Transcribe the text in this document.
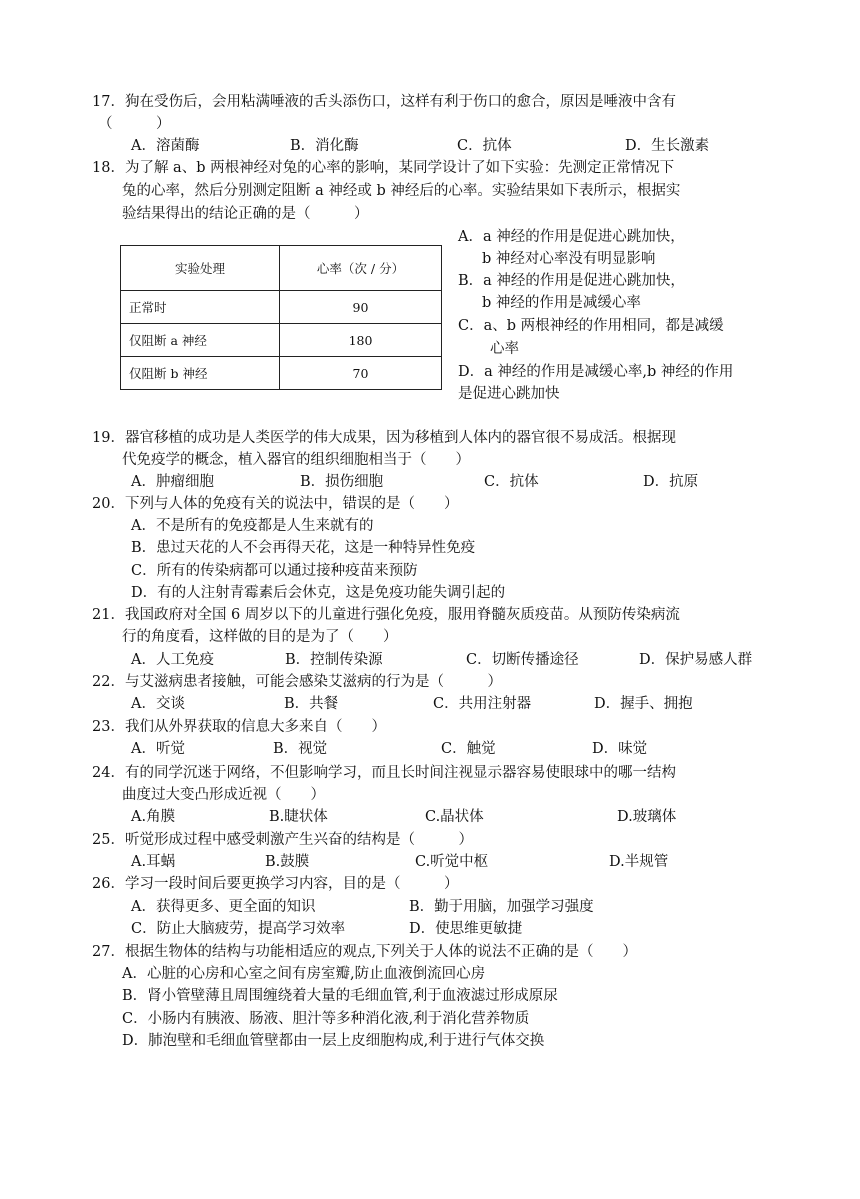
17．狗在受伤后，会用粘满唾液的舌头添伤口，这样有利于伤口的愈合，原因是唾液中含有
（　　　）
A．溶菌酶	B．消化酶	C．抗体	D．生长激素
18．为了解 a、b 两根神经对兔的心率的影响，某同学设计了如下实验：先测定正常情况下
兔的心率，然后分别测定阻断 a 神经或 b 神经后的心率。实验结果如下表所示，根据实
验结果得出的结论正确的是（　　　）
实验处理	心率（次 / 分）
正常时	90
仅阻断 a 神经	180
仅阻断 b 神经	70
A．a 神经的作用是促进心跳加快，
b 神经对心率没有明显影响
B．a 神经的作用是促进心跳加快，
b 神经的作用是减缓心率
C．a、b 两根神经的作用相同，都是减缓
心率
D．a 神经的作用是减缓心率,b 神经的作用
是促进心跳加快
19．器官移植的成功是人类医学的伟大成果，因为移植到人体内的器官很不易成活。根据现
代免疫学的概念，植入器官的组织细胞相当于（　　）
A．肿瘤细胞	B．损伤细胞	C．抗体	D．抗原
20．下列与人体的免疫有关的说法中，错误的是（　　）
A．不是所有的免疫都是人生来就有的
B．患过天花的人不会再得天花，这是一种特异性免疫
C．所有的传染病都可以通过接种疫苗来预防
D．有的人注射青霉素后会休克，这是免疫功能失调引起的
21．我国政府对全国 6 周岁以下的儿童进行强化免疫，服用脊髓灰质疫苗。从预防传染病流
行的角度看，这样做的目的是为了（　　）
A．人工免疫	B．控制传染源	C．切断传播途径	D．保护易感人群
22．与艾滋病患者接触，可能会感染艾滋病的行为是（　　　）
A．交谈	B．共餐	C．共用注射器	D．握手、拥抱
23．我们从外界获取的信息大多来自（　　）
A．听觉	B．视觉	C．触觉	D．味觉
24．有的同学沉迷于网络，不但影响学习，而且长时间注视显示器容易使眼球中的哪一结构
曲度过大变凸形成近视（　　）
A.角膜	B.睫状体	C.晶状体	D.玻璃体
25．听觉形成过程中感受刺激产生兴奋的结构是（　　　）
A.耳蜗	B.鼓膜	C.听觉中枢	D.半规管
26．学习一段时间后要更换学习内容，目的是（　　　）
A．获得更多、更全面的知识	B．勤于用脑，加强学习强度
C．防止大脑疲劳，提高学习效率	D．使思维更敏捷
27．根据生物体的结构与功能相适应的观点,下列关于人体的说法不正确的是（　　）
A．心脏的心房和心室之间有房室瓣,防止血液倒流回心房
B．肾小管壁薄且周围缠绕着大量的毛细血管,利于血液滤过形成原尿
C．小肠内有胰液、肠液、胆汁等多种消化液,利于消化营养物质
D．肺泡壁和毛细血管壁都由一层上皮细胞构成,利于进行气体交换
